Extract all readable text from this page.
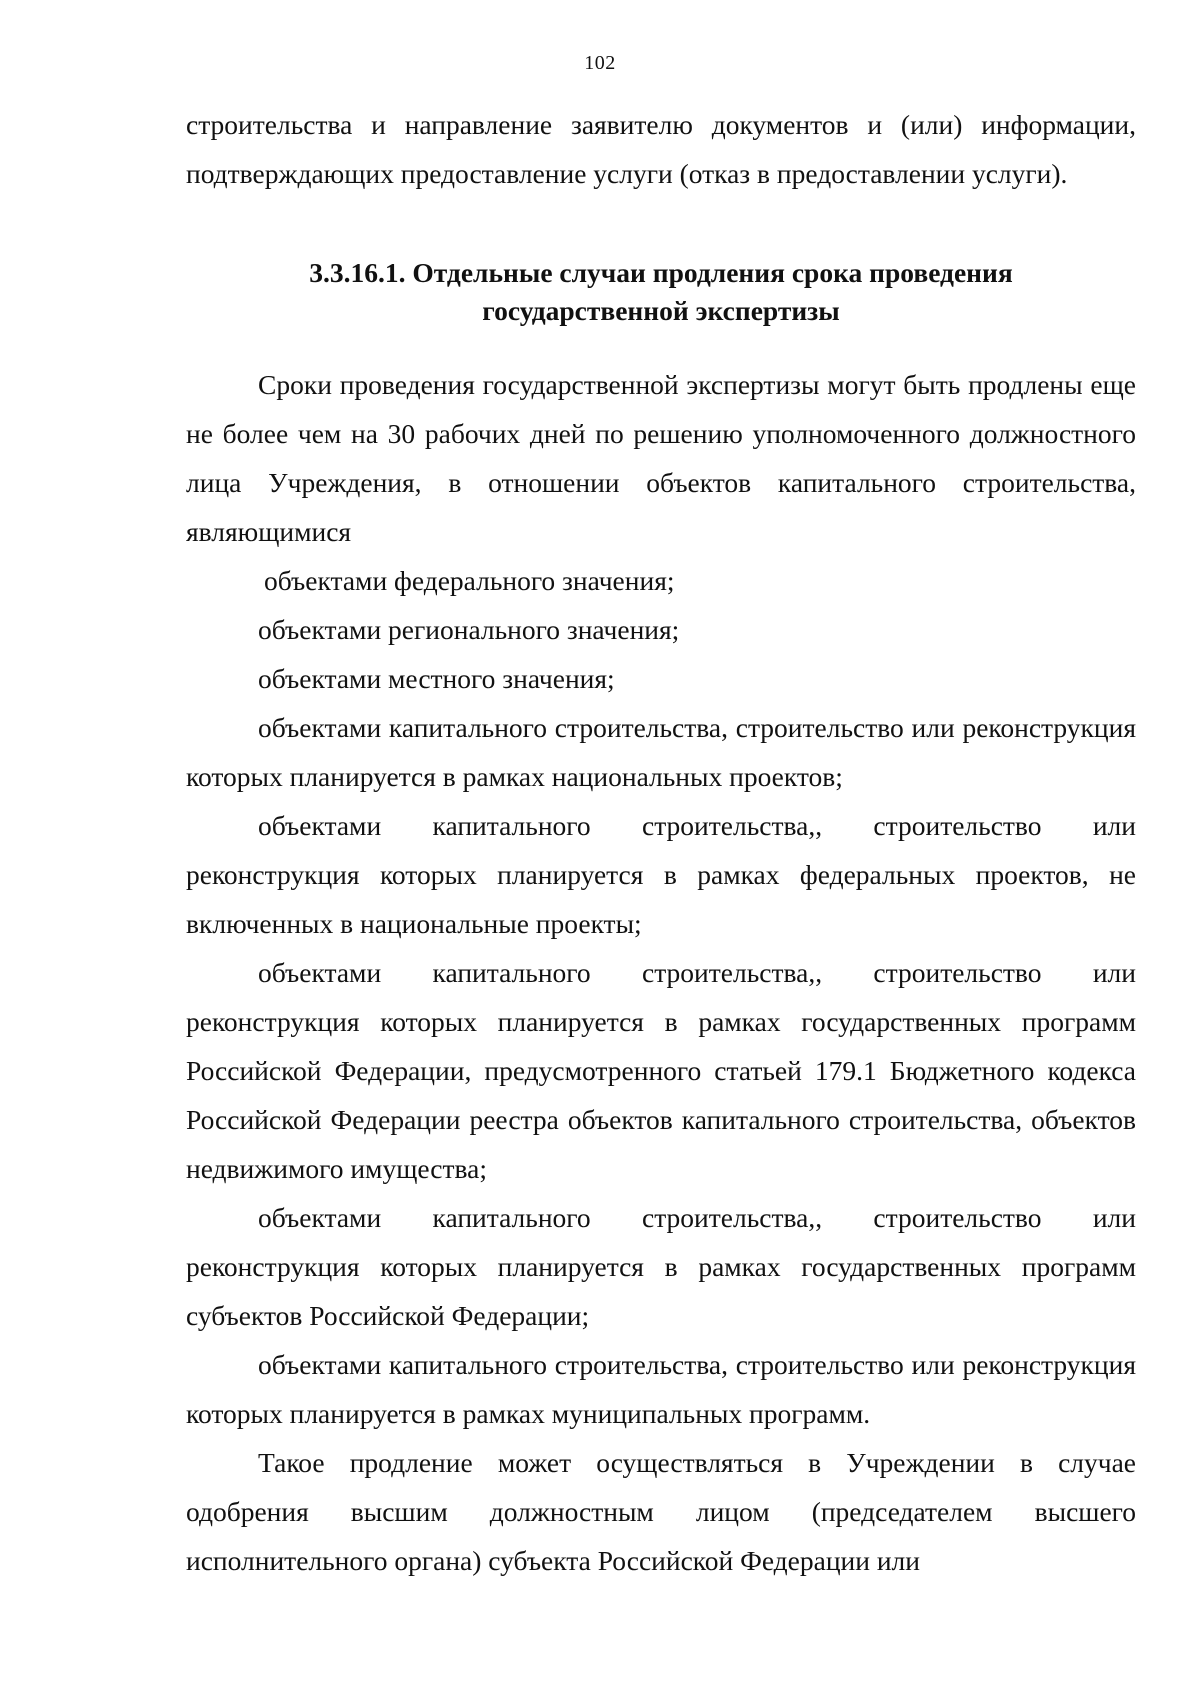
102

строительства и направление заявителю документов и (или) информации, подтверждающих предоставление услуги (отказ в предоставлении услуги).

3.3.16.1. Отдельные случаи продления срока проведения
государственной экспертизы

Сроки проведения государственной экспертизы могут быть продлены еще не более чем на 30 рабочих дней по решению уполномоченного должностного лица Учреждения, в отношении объектов капитального строительства, являющимися

объектами федерального значения;

объектами регионального значения;

объектами местного значения;

объектами капитального строительства, строительство или реконструкция которых планируется в рамках национальных проектов;

объектами капитального строительства,, строительство или реконструкция которых планируется в рамках федеральных проектов, не включенных в национальные проекты;

объектами капитального строительства,, строительство или реконструкция которых планируется в рамках государственных программ Российской Федерации, предусмотренного статьей 179.1 Бюджетного кодекса Российской Федерации реестра объектов капитального строительства, объектов недвижимого имущества;

объектами капитального строительства,, строительство или реконструкция которых планируется в рамках государственных программ субъектов Российской Федерации;

объектами капитального строительства, строительство или реконструкция которых планируется в рамках муниципальных программ.

Такое продление может осуществляться в Учреждении в случае одобрения высшим должностным лицом (председателем высшего исполнительного органа) субъекта Российской Федерации или
